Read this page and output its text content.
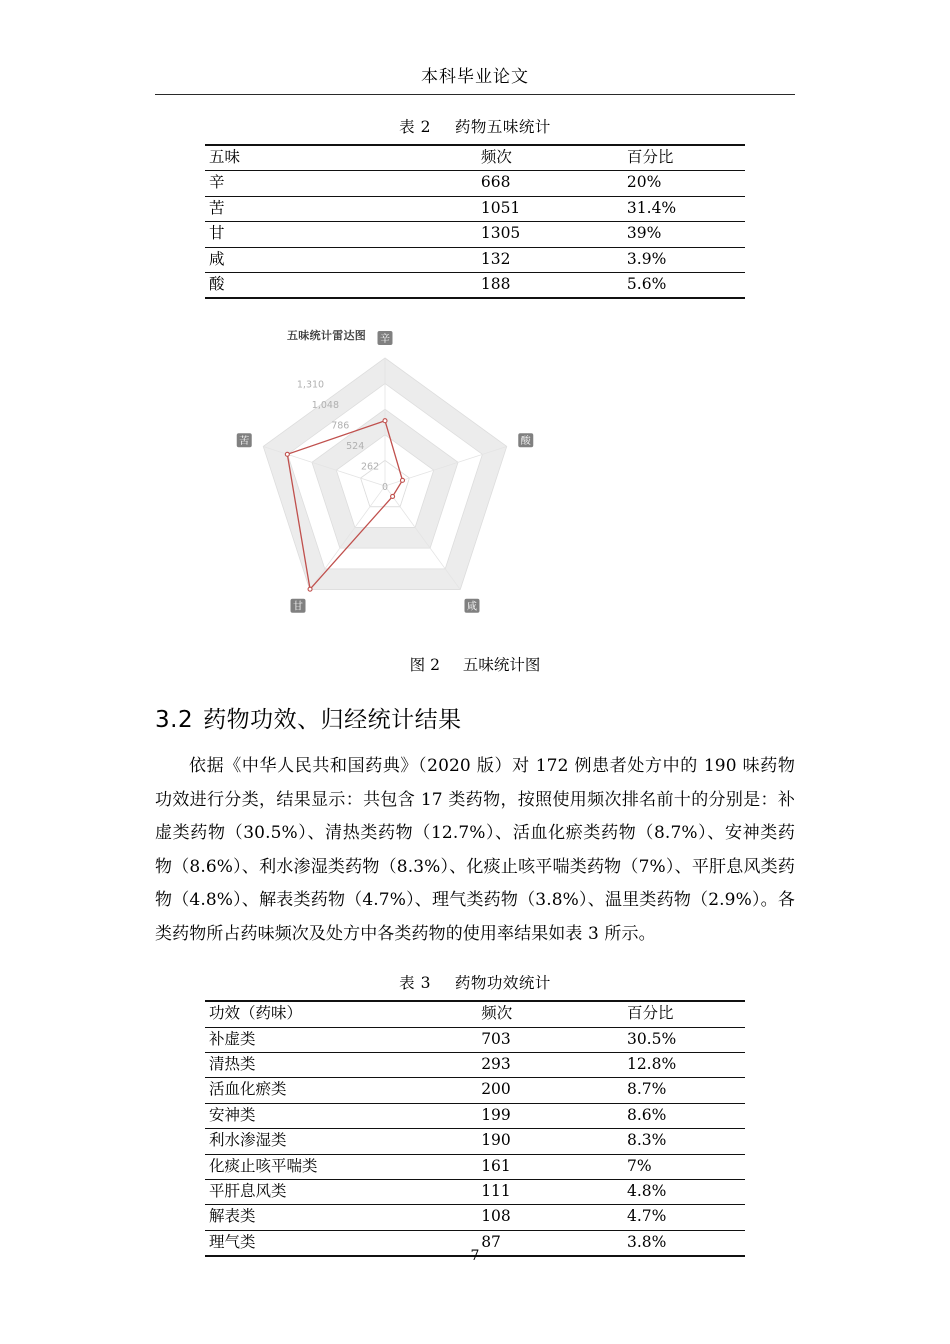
本科毕业论文
表 2 药物五味统计
五味	频次	百分比
辛	668	20%
苦	1051	31.4%
甘	1305	39%
咸	132	3.9%
酸	188	5.6%
五味统计雷达图
0
262
524
786
1,048
1,310
辛
酸
咸
甘
苦
图 2 五味统计图
3.2 药物功效、归经统计结果

依据《中华人民共和国药典》（2020 版）对 172 例患者处方中的 190 味药物功效进行分类，结果显示：共包含 17 类药物，按照使用频次排名前十的分别是：补虚类药物（30.5%）、清热类药物（12.7%）、活血化瘀类药物（8.7%）、安神类药物（8.6%）、利水渗湿类药物（8.3%）、化痰止咳平喘类药物（7%）、平肝息风类药物（4.8%）、解表类药物（4.7%）、理气类药物（3.8%）、温里类药物（2.9%）。各类药物所占药味频次及处方中各类药物的使用率结果如表 3 所示。

表 3 药物功效统计
功效（药味）	频次	百分比
补虚类	703	30.5%
清热类	293	12.8%
活血化瘀类	200	8.7%
安神类	199	8.6%
利水渗湿类	190	8.3%
化痰止咳平喘类	161	7%
平肝息风类	111	4.8%
解表类	108	4.7%
理气类	87	3.8%
7
